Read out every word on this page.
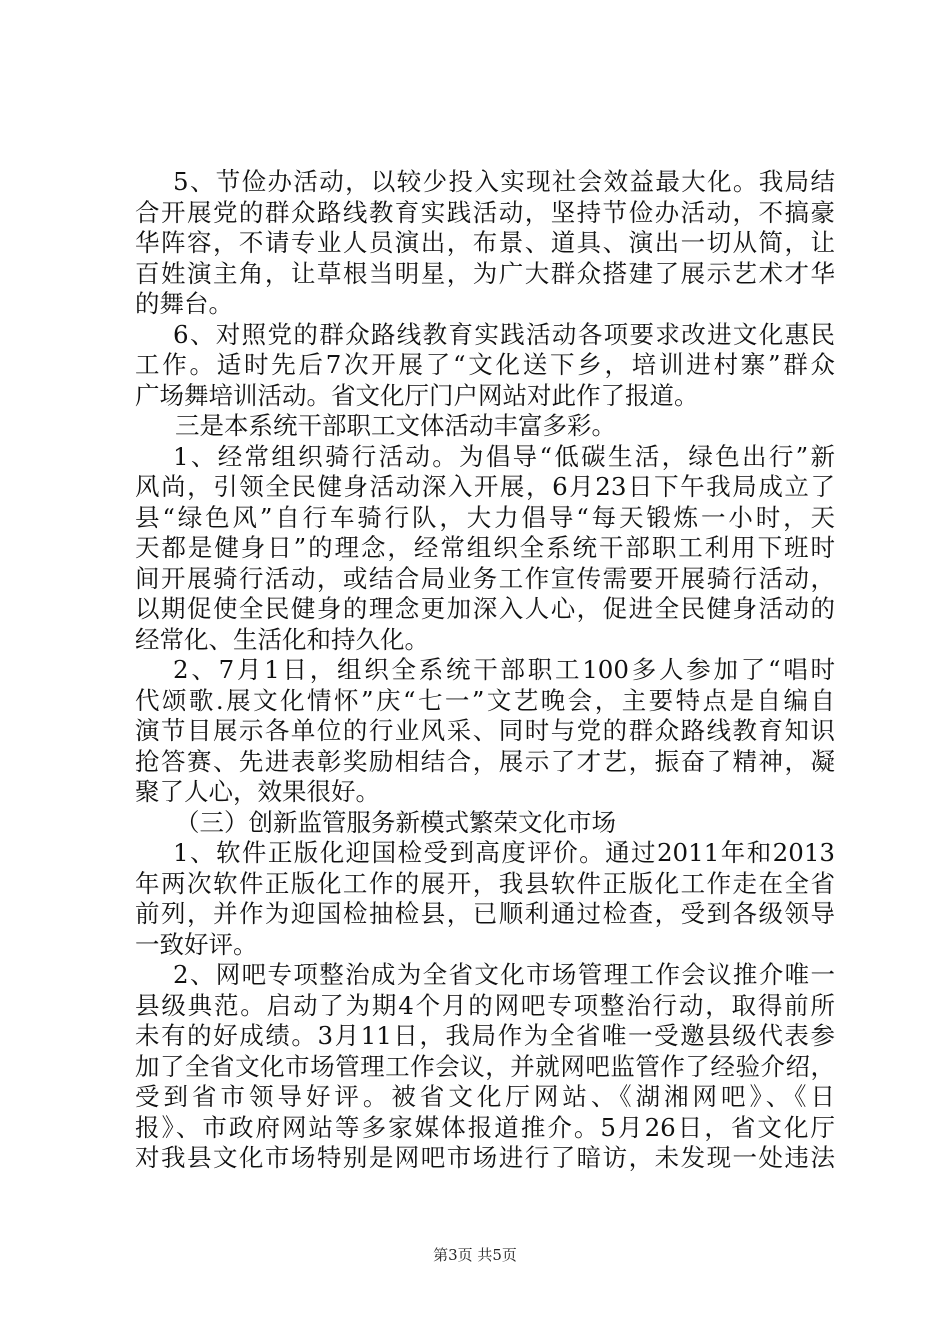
5、节俭办活动，以较少投入实现社会效益最大化。我局结
合开展党的群众路线教育实践活动，坚持节俭办活动，不搞豪
华阵容，不请专业人员演出，布景、道具、演出一切从简，让
百姓演主角，让草根当明星，为广大群众搭建了展示艺术才华
的舞台。
6、对照党的群众路线教育实践活动各项要求改进文化惠民
工作。适时先后7次开展了“文化送下乡，培训进村寨”群众
广场舞培训活动。省文化厅门户网站对此作了报道。
三是本系统干部职工文体活动丰富多彩。
1、经常组织骑行活动。为倡导“低碳生活，绿色出行”新
风尚，引领全民健身活动深入开展，6月23日下午我局成立了
县“绿色风”自行车骑行队，大力倡导“每天锻炼一小时，天
天都是健身日”的理念，经常组织全系统干部职工利用下班时
间开展骑行活动，或结合局业务工作宣传需要开展骑行活动，
以期促使全民健身的理念更加深入人心，促进全民健身活动的
经常化、生活化和持久化。
2、7月1日，组织全系统干部职工100多人参加了“唱时
代颂歌.展文化情怀”庆“七一”文艺晚会，主要特点是自编自
演节目展示各单位的行业风采、同时与党的群众路线教育知识
抢答赛、先进表彰奖励相结合，展示了才艺，振奋了精神，凝
聚了人心，效果很好。
（三）创新监管服务新模式繁荣文化市场
1、软件正版化迎国检受到高度评价。通过2011年和2013
年两次软件正版化工作的展开，我县软件正版化工作走在全省
前列，并作为迎国检抽检县，已顺利通过检查，受到各级领导
一致好评。
2、网吧专项整治成为全省文化市场管理工作会议推介唯一
县级典范。启动了为期4个月的网吧专项整治行动，取得前所
未有的好成绩。3月11日，我局作为全省唯一受邀县级代表参
加了全省文化市场管理工作会议，并就网吧监管作了经验介绍，
受到省市领导好评。被省文化厅网站、《湖湘网吧》、《日
报》、市政府网站等多家媒体报道推介。5月26日，省文化厅
对我县文化市场特别是网吧市场进行了暗访，未发现一处违法
第3页 共5页
